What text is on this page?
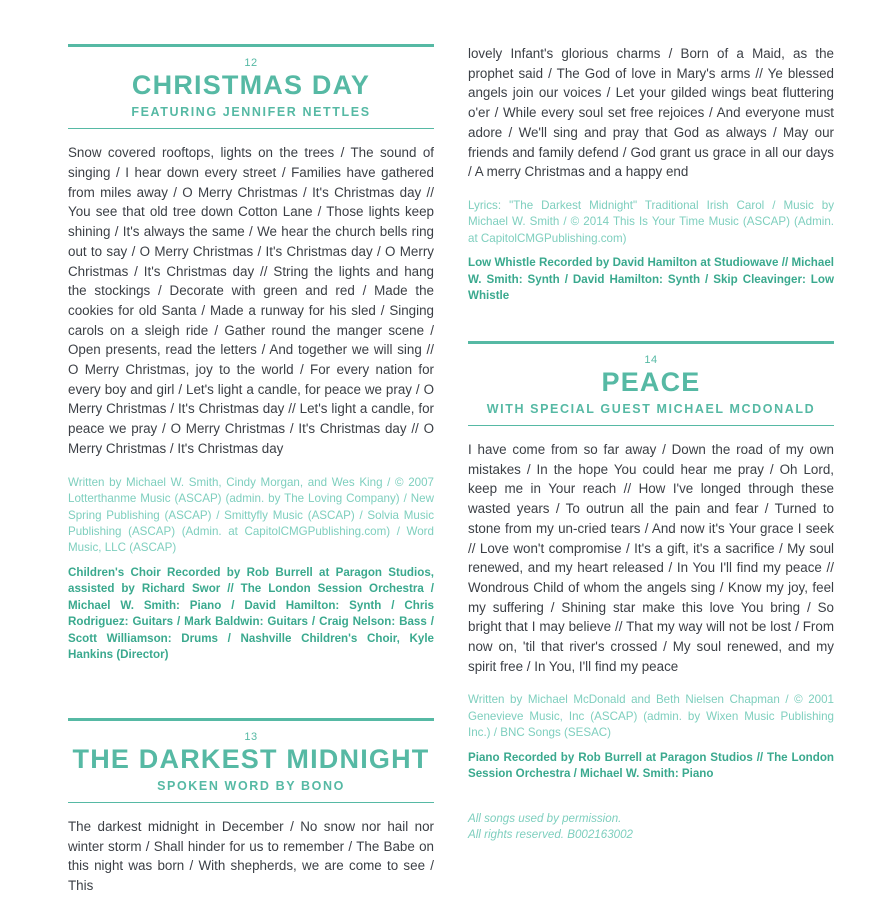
12
CHRISTMAS DAY
FEATURING JENNIFER NETTLES

Snow covered rooftops, lights on the trees / The sound of singing / I hear down every street / Families have gathered from miles away / O Merry Christmas / It's Christmas day // You see that old tree down Cotton Lane / Those lights keep shining / It's always the same / We hear the church bells ring out to say / O Merry Christmas / It's Christmas day / O Merry Christmas / It's Christmas day // String the lights and hang the stockings / Decorate with green and red / Made the cookies for old Santa / Made a runway for his sled / Singing carols on a sleigh ride / Gather round the manger scene / Open presents, read the letters / And together we will sing // O Merry Christmas, joy to the world / For every nation for every boy and girl / Let's light a candle, for peace we pray / O Merry Christmas / It's Christmas day // Let's light a candle, for peace we pray / O Merry Christmas / It's Christmas day // O Merry Christmas / It's Christmas day

Written by Michael W. Smith, Cindy Morgan, and Wes King / © 2007 Lotterthanme Music (ASCAP) (admin. by The Loving Company) / New Spring Publishing (ASCAP) / Smittyfly Music (ASCAP) / Solvia Music Publishing (ASCAP) (Admin. at CapitolCMGPublishing.com) / Word Music, LLC (ASCAP)

Children's Choir Recorded by Rob Burrell at Paragon Studios, assisted by Richard Swor // The London Session Orchestra / Michael W. Smith: Piano / David Hamilton: Synth / Chris Rodriguez: Guitars / Mark Baldwin: Guitars / Craig Nelson: Bass / Scott Williamson: Drums / Nashville Children's Choir, Kyle Hankins (Director)

13
THE DARKEST MIDNIGHT
SPOKEN WORD BY BONO

The darkest midnight in December / No snow nor hail nor winter storm / Shall hinder for us to remember / The Babe on this night was born / With shepherds, we are come to see / This

lovely Infant's glorious charms / Born of a Maid, as the prophet said / The God of love in Mary's arms // Ye blessed angels join our voices / Let your gilded wings beat fluttering o'er / While every soul set free rejoices / And everyone must adore / We'll sing and pray that God as always / May our friends and family defend / God grant us grace in all our days / A merry Christmas and a happy end

Lyrics: "The Darkest Midnight" Traditional Irish Carol / Music by Michael W. Smith / © 2014 This Is Your Time Music (ASCAP) (Admin. at CapitolCMGPublishing.com)

Low Whistle Recorded by David Hamilton at Studiowave // Michael W. Smith: Synth / David Hamilton: Synth / Skip Cleavinger: Low Whistle

14
PEACE
WITH SPECIAL GUEST MICHAEL MCDONALD

I have come from so far away / Down the road of my own mistakes / In the hope You could hear me pray / Oh Lord, keep me in Your reach // How I've longed through these wasted years / To outrun all the pain and fear / Turned to stone from my un-cried tears / And now it's Your grace I seek // Love won't compromise / It's a gift, it's a sacrifice / My soul renewed, and my heart released / In You I'll find my peace // Wondrous Child of whom the angels sing / Know my joy, feel my suffering / Shining star make this love You bring / So bright that I may believe // That my way will not be lost / From now on, 'til that river's crossed / My soul renewed, and my spirit free / In You, I'll find my peace

Written by Michael McDonald and Beth Nielsen Chapman / © 2001 Genevieve Music, Inc (ASCAP) (admin. by Wixen Music Publishing Inc.) / BNC Songs (SESAC)

Piano Recorded by Rob Burrell at Paragon Studios // The London Session Orchestra / Michael W. Smith: Piano

All songs used by permission.
All rights reserved. B002163002
